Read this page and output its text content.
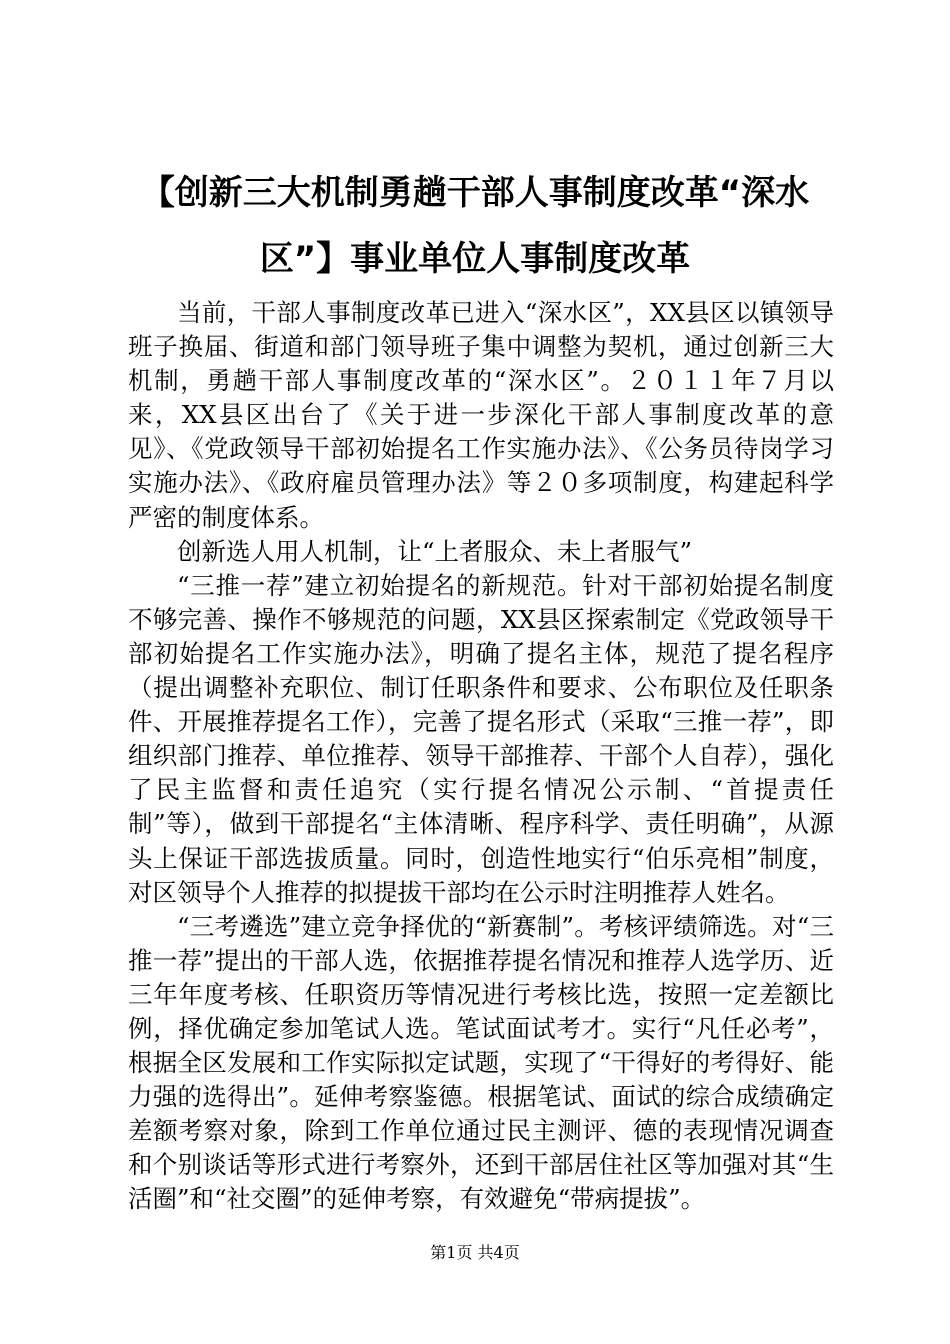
【创新三大机制勇趟干部人事制度改革“深水区”】事业单位人事制度改革

当前，干部人事制度改革已进入“深水区”，XX县区以镇领导班子换届、街道和部门领导班子集中调整为契机，通过创新三大机制，勇趟干部人事制度改革的“深水区”。２０１１年７月以来，XX县区出台了《关于进一步深化干部人事制度改革的意见》、《党政领导干部初始提名工作实施办法》、《公务员待岗学习实施办法》、《政府雇员管理办法》等２０多项制度，构建起科学严密的制度体系。

创新选人用人机制，让“上者服众、未上者服气”

“三推一荐”建立初始提名的新规范。针对干部初始提名制度不够完善、操作不够规范的问题，XX县区探索制定《党政领导干部初始提名工作实施办法》，明确了提名主体，规范了提名程序（提出调整补充职位、制订任职条件和要求、公布职位及任职条件、开展推荐提名工作），完善了提名形式（采取“三推一荐”，即组织部门推荐、单位推荐、领导干部推荐、干部个人自荐），强化了民主监督和责任追究（实行提名情况公示制、“首提责任制”等），做到干部提名“主体清晰、程序科学、责任明确”，从源头上保证干部选拔质量。同时，创造性地实行“伯乐亮相”制度，对区领导个人推荐的拟提拔干部均在公示时注明推荐人姓名。

“三考遴选”建立竞争择优的“新赛制”。考核评绩筛选。对“三推一荐”提出的干部人选，依据推荐提名情况和推荐人选学历、近三年年度考核、任职资历等情况进行考核比选，按照一定差额比例，择优确定参加笔试人选。笔试面试考才。实行“凡任必考”，根据全区发展和工作实际拟定试题，实现了“干得好的考得好、能力强的选得出”。延伸考察鉴德。根据笔试、面试的综合成绩确定差额考察对象，除到工作单位通过民主测评、德的表现情况调查和个别谈话等形式进行考察外，还到干部居住社区等加强对其“生活圈”和“社交圈”的延伸考察，有效避免“带病提拔”。

第1页 共4页
